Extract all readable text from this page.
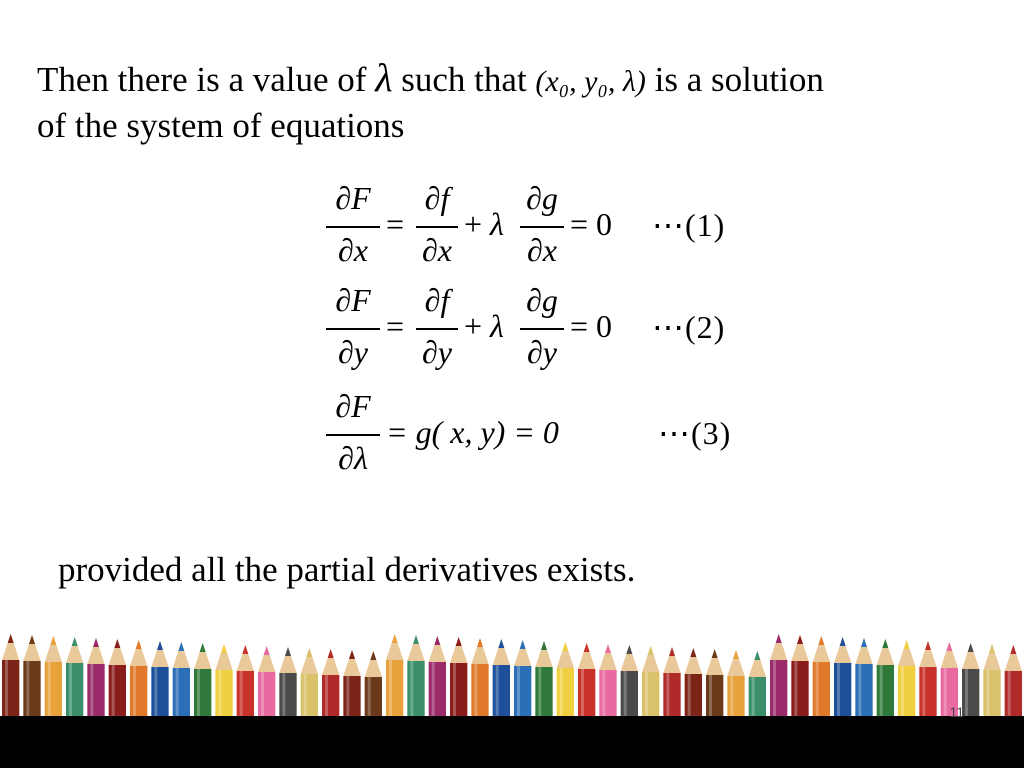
Then there is a value of λ such that (x₀, y₀, λ) is a solution
of the system of equations
∂F
∂x
=
∂f
∂x
+ λ
∂g
∂x
= 0 ⋯(1)
∂F
∂y
=
∂f
∂y
+ λ
∂g
∂y
= 0 ⋯(2)
∂F
∂λ
= g( x, y) = 0	⋯(3)
provided all the partial derivatives exists.
11
